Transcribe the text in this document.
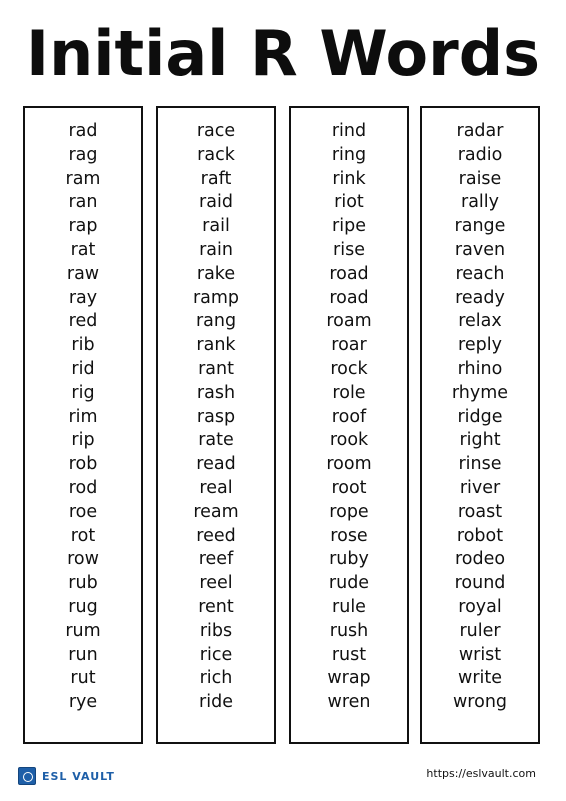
Initial R Words
rad
rag
ram
ran
rap
rat
raw
ray
red
rib
rid
rig
rim
rip
rob
rod
roe
rot
row
rub
rug
rum
run
rut
rye
race
rack
raft
raid
rail
rain
rake
ramp
rang
rank
rant
rash
rasp
rate
read
real
ream
reed
reef
reel
rent
ribs
rice
rich
ride
rind
ring
rink
riot
ripe
rise
road
road
roam
roar
rock
role
roof
rook
room
root
rope
rose
ruby
rude
rule
rush
rust
wrap
wren
radar
radio
raise
rally
range
raven
reach
ready
relax
reply
rhino
rhyme
ridge
right
rinse
river
roast
robot
rodeo
round
royal
ruler
wrist
write
wrong
ESL VAULT	https://eslvault.com
